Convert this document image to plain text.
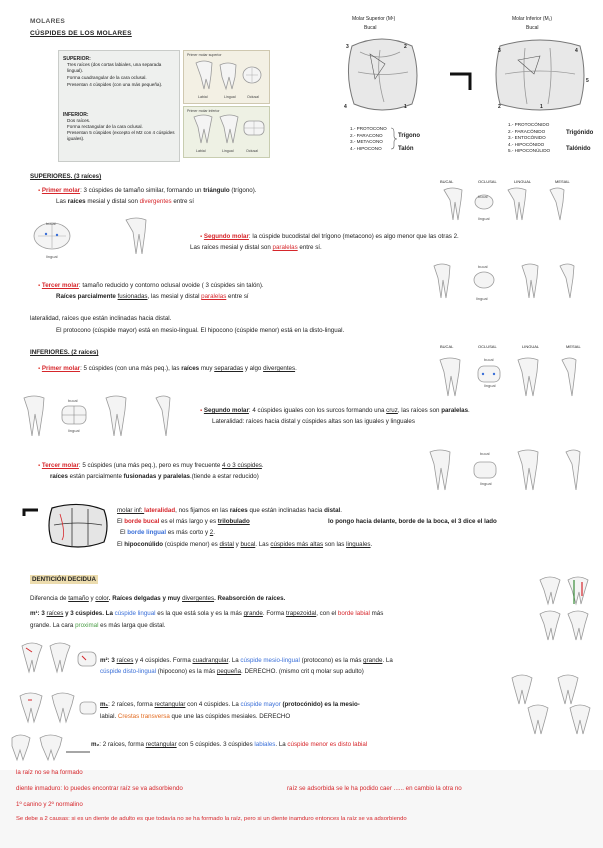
MOLARES
CÚSPIDES DE LOS MOLARES
SUPERIOR:
Tres raíces (dos cortas labiales, una separada lingual).
Forma cuadrangular de la cara oclusal.
Presentan 4 cúspides (con una más pequeña).
INFERIOR:
Dos raíces.
Forma rectangular de la cara oclusal.
Presentan 5 cúspides (excepto el M2 con 4 cúspides iguales).
Primer molar superior
Labial	Lingual	Oclusal
Primer molar inferior
Labial	Lingual	Oclusal
Molar Superior (M¹)
Bucal
Molar Inferior (M₁)
Bucal
3	2
4	1	2	1
3	4
5
1.- PROTOCONO
2.- PARACONO
3.- METACONO
4.- HIPOCONO
Trígono
Talón
1.- PROTOCÓNIDO
2.- PARACÓNIDO
3.- ENTOCÓNIDO
4.- HIPOCÓNIDO
5.- HIPOCONÚLIDO
Trigónido
Talónido
SUPERIORES. (3 raíces)
BUCAL	OCLUSAL	LINGUAL	MESIAL
bucal
lingual
▪ Primer molar: 3 cúspides de tamaño similar, formando un triángulo (trígono).
Las raíces mesial y distal son divergentes entre sí
bucal
lingual
▪ Segundo molar: la cúspide bucodistal del trígono (metacono) es algo menor que las otras 2.
Las raíces mesial y distal son paralelas entre sí.
bucal
lingual
▪ Tercer molar: tamaño reducido y contorno oclusal ovoide ( 3 cúspides sin talón).
Raíces parcialmente fusionadas, las mesial y distal paralelas entre sí
lateralidad, raíces que están inclinadas hacia distal.
El protocono (cúspide mayor) está en mesio-lingual. El hipocono (cúspide menor) está en la disto-lingual.
INFERIORES. (2 raíces)
BUCAL	OCLUSAL	LINGUAL	MESIAL
bucal
lingual
▪ Primer molar: 5 cúspides (con una más peq.), las raíces muy separadas y algo divergentes.
bucal
lingual
▪ Segundo molar: 4 cúspides iguales con los surcos formando una cruz, las raíces son paralelas.
Lateralidad: raíces hacia distal y cúspides altas son las iguales y linguales
bucal
lingual
▪ Tercer molar: 5 cúspides (una más peq.), pero es muy frecuente 4 o 3 cúspides.
raíces están parcialmente fusionadas y paralelas.(tiende a estar reducido)
molar inf: lateralidad, nos fijamos en las raíces que están inclinadas hacia distal.
El borde bucal es el más largo y es trilobulado	lo pongo hacia delante, borde de la boca, el 3 dice el lado
El borde lingual es más corto y 2.
El hipoconúlido (cúspide menor) es distal y bucal. Las cúspides más altas son las linguales.
DENTICIÓN DECIDUA
Diferencia de tamaño y color. Raíces delgadas y muy divergentes. Reabsorción de raíces.
m¹: 3 raíces y 3 cúspides. La cúspide lingual es la que está sola y es la más grande. Forma trapezoidal, con el borde labial más
grande. La cara proximal es más larga que distal.
m²: 3 raíces y 4 cúspides. Forma cuadrangular. La cúspide mesio-lingual (protocono) es la más grande. La
cúspide disto-lingual (hipocono) es la más pequeña. DERECHO. (mismo crit q molar sup adulto)
m₁: 2 raíces, forma rectangular con 4 cúspides. La cúspide mayor (protocónido) es la mesio-
labial. Crestas transversa que une las cúspides mesiales. DERECHO
m₂: 2 raíces, forma rectangular con 5 cúspides. 3 cúspides labiales. La cúspide menor es disto labial
la raíz no se ha formado
diente inmaduro: lo puedes encontrar raíz se va adsorbiendo	raíz se adsorbida se le ha podido caer ...... en cambio la otra no
1º canino y 2º normalino
Se debe a 2 causas: si es un diente de adulto es que todavía no se ha formado la raíz, pero si un diente inamduro entonces la raíz se va adsorbiendo
